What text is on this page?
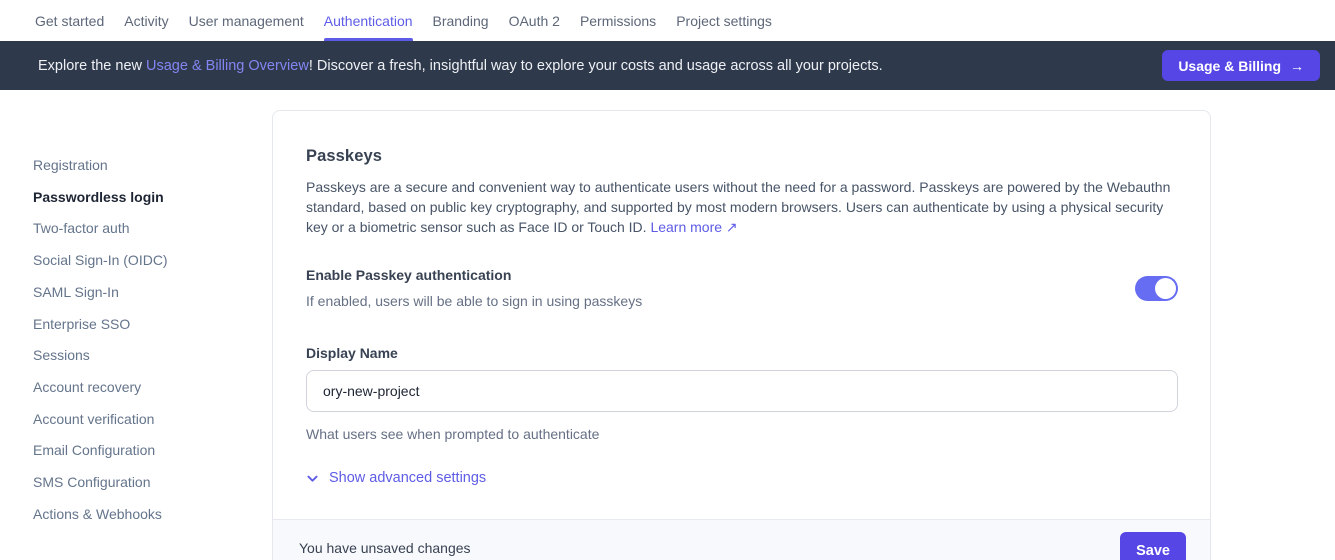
Get started Activity User management Authentication Branding OAuth 2 Permissions Project settings
Explore the new Usage & Billing Overview! Discover a fresh, insightful way to explore your costs and usage across all your projects.	Usage & Billing →
Registration
Passwordless login
Two-factor auth
Social Sign-In (OIDC)
SAML Sign-In
Enterprise SSO
Sessions
Account recovery
Account verification
Email Configuration
SMS Configuration
Actions & Webhooks
Passkeys

Passkeys are a secure and convenient way to authenticate users without the need for a password. Passkeys are powered by the Webauthn standard, based on public key cryptography, and supported by most modern browsers. Users can authenticate by using a physical security key or a biometric sensor such as Face ID or Touch ID. Learn more ↗

Enable Passkey authentication
If enabled, users will be able to sign in using passkeys
Display Name
ory-new-project
What users see when prompted to authenticate
Show advanced settings
You have unsaved changes	Save
